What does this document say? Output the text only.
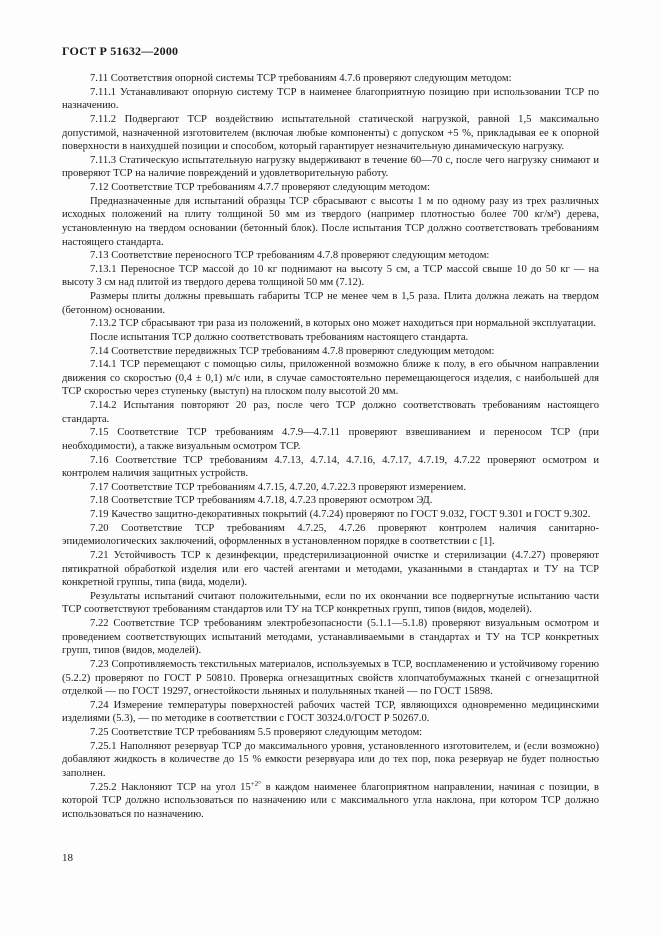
ГОСТ Р 51632—2000

7.11 Соответствия опорной системы ТСР требованиям 4.7.6 проверяют следующим методом:

7.11.1 Устанавливают опорную систему ТСР в наименее благоприятную позицию при использовании ТСР по назначению.

7.11.2 Подвергают ТСР воздействию испытательной статической нагрузкой, равной 1,5 максимально допустимой, назначенной изготовителем (включая любые компоненты) с допуском +5 %, прикладывая ее к опорной поверхности в наихудшей позиции и способом, который гарантирует незначительную динамическую нагрузку.

7.11.3 Статическую испытательную нагрузку выдерживают в течение 60—70 с, после чего нагрузку снимают и проверяют ТСР на наличие повреждений и удовлетворительную работу.

7.12 Соответствие ТСР требованиям 4.7.7 проверяют следующим методом:

Предназначенные для испытаний образцы ТСР сбрасывают с высоты 1 м по одному разу из трех различных исходных положений на плиту толщиной 50 мм из твердого (например плотностью более 700 кг/м³) дерева, установленную на твердом основании (бетонный блок). После испытания ТСР должно соответствовать требованиям настоящего стандарта.

7.13 Соответствие переносного ТСР требованиям 4.7.8 проверяют следующим методом:

7.13.1 Переносное ТСР массой до 10 кг поднимают на высоту 5 см, а ТСР массой свыше 10 до 50 кг — на высоту 3 см над плитой из твердого дерева толщиной 50 мм (7.12).

Размеры плиты должны превышать габариты ТСР не менее чем в 1,5 раза. Плита должна лежать на твердом (бетонном) основании.

7.13.2 ТСР сбрасывают три раза из положений, в которых оно может находиться при нормальной эксплуатации.

После испытания ТСР должно соответствовать требованиям настоящего стандарта.

7.14 Соответствие передвижных ТСР требованиям 4.7.8 проверяют следующим методом:

7.14.1 ТСР перемещают с помощью силы, приложенной возможно ближе к полу, в его обычном направлении движения со скоростью (0,4 ± 0,1) м/с или, в случае самостоятельно перемещающегося изделия, с наибольшей для ТСР скоростью через ступеньку (выступ) на плоском полу высотой 20 мм.

7.14.2 Испытания повторяют 20 раз, после чего ТСР должно соответствовать требованиям настоящего стандарта.

7.15 Соответствие ТСР требованиям 4.7.9—4.7.11 проверяют взвешиванием и переносом ТСР (при необходимости), а также визуальным осмотром ТСР.

7.16 Соответствие ТСР требованиям 4.7.13, 4.7.14, 4.7.16, 4.7.17, 4.7.19, 4.7.22 проверяют осмотром и контролем наличия защитных устройств.

7.17 Соответствие ТСР требованиям 4.7.15, 4.7.20, 4.7.22.3 проверяют измерением.

7.18 Соответствие ТСР требованиям 4.7.18, 4.7.23 проверяют осмотром ЭД.

7.19 Качество защитно-декоративных покрытий (4.7.24) проверяют по ГОСТ 9.032, ГОСТ 9.301 и ГОСТ 9.302.

7.20 Соответствие ТСР требованиям 4.7.25, 4.7.26 проверяют контролем наличия санитарно-эпидемиологических заключений, оформленных в установленном порядке в соответствии с [1].

7.21 Устойчивость ТСР к дезинфекции, предстерилизационной очистке и стерилизации (4.7.27) проверяют пятикратной обработкой изделия или его частей агентами и методами, указанными в стандартах и ТУ на ТСР конкретной группы, типа (вида, модели).

Результаты испытаний считают положительными, если по их окончании все подвергнутые испытанию части ТСР соответствуют требованиям стандартов или ТУ на ТСР конкретных групп, типов (видов, моделей).

7.22 Соответствие ТСР требованиям электробезопасности (5.1.1—5.1.8) проверяют визуальным осмотром и проведением соответствующих испытаний методами, устанавливаемыми в стандартах и ТУ на ТСР конкретных групп, типов (видов, моделей).

7.23 Сопротивляемость текстильных материалов, используемых в ТСР, воспламенению и устойчивому горению (5.2.2) проверяют по ГОСТ Р 50810. Проверка огнезащитных свойств хлопчатобумажных тканей с огнезащитной отделкой — по ГОСТ 19297, огнестойкости льняных и полульняных тканей — по ГОСТ 15898.

7.24 Измерение температуры поверхностей рабочих частей ТСР, являющихся одновременно медицинскими изделиями (5.3), — по методике в соответствии с ГОСТ 30324.0/ГОСТ Р 50267.0.

7.25 Соответствие ТСР требованиям 5.5 проверяют следующим методом:

7.25.1 Наполняют резервуар ТСР до максимального уровня, установленного изготовителем, и (если возможно) добавляют жидкость в количестве до 15 % емкости резервуара или до тех пор, пока резервуар не будет полностью заполнен.

7.25.2 Наклоняют ТСР на угол $15^{+2^\circ}$ в каждом наименее благоприятном направлении, начиная с позиции, в которой ТСР должно использоваться по назначению или с максимального угла наклона, при котором ТСР должно использоваться по назначению.

18
